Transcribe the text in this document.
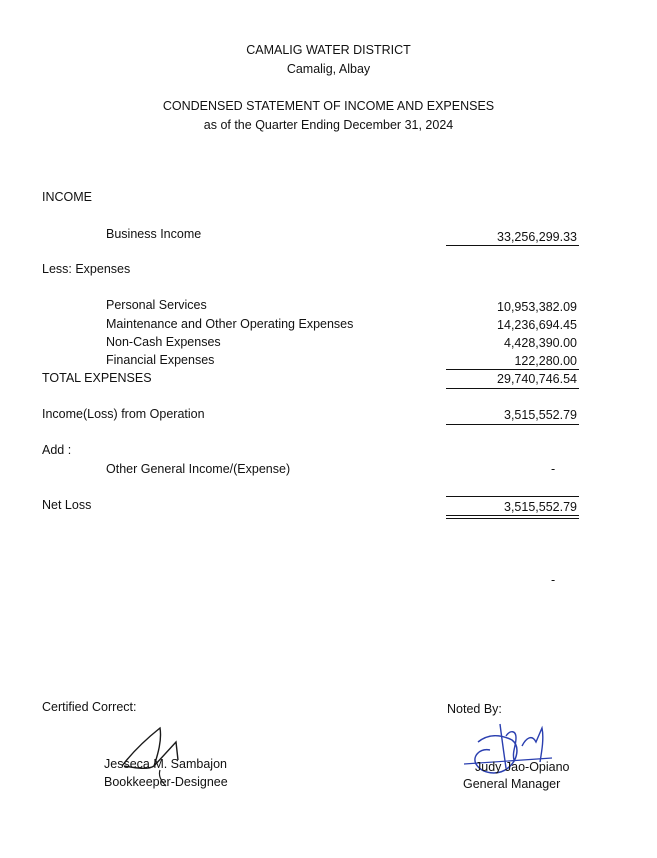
CAMALIG WATER DISTRICT
Camalig, Albay
CONDENSED STATEMENT OF INCOME AND EXPENSES
as of the Quarter Ending December 31, 2024
INCOME
Business Income	33,256,299.33
Less: Expenses
Personal Services	10,953,382.09
Maintenance and Other Operating Expenses	14,236,694.45
Non-Cash Expenses	4,428,390.00
Financial Expenses	122,280.00
TOTAL EXPENSES	29,740,746.54
Income(Loss) from Operation	3,515,552.79
Add :
Other General Income/(Expense)	-
Net Loss	3,515,552.79
-
Certified Correct:	Noted By:
Jesseca M. Sambajon
Bookkeeper-Designee
Judy Jao-Opiano
General Manager
